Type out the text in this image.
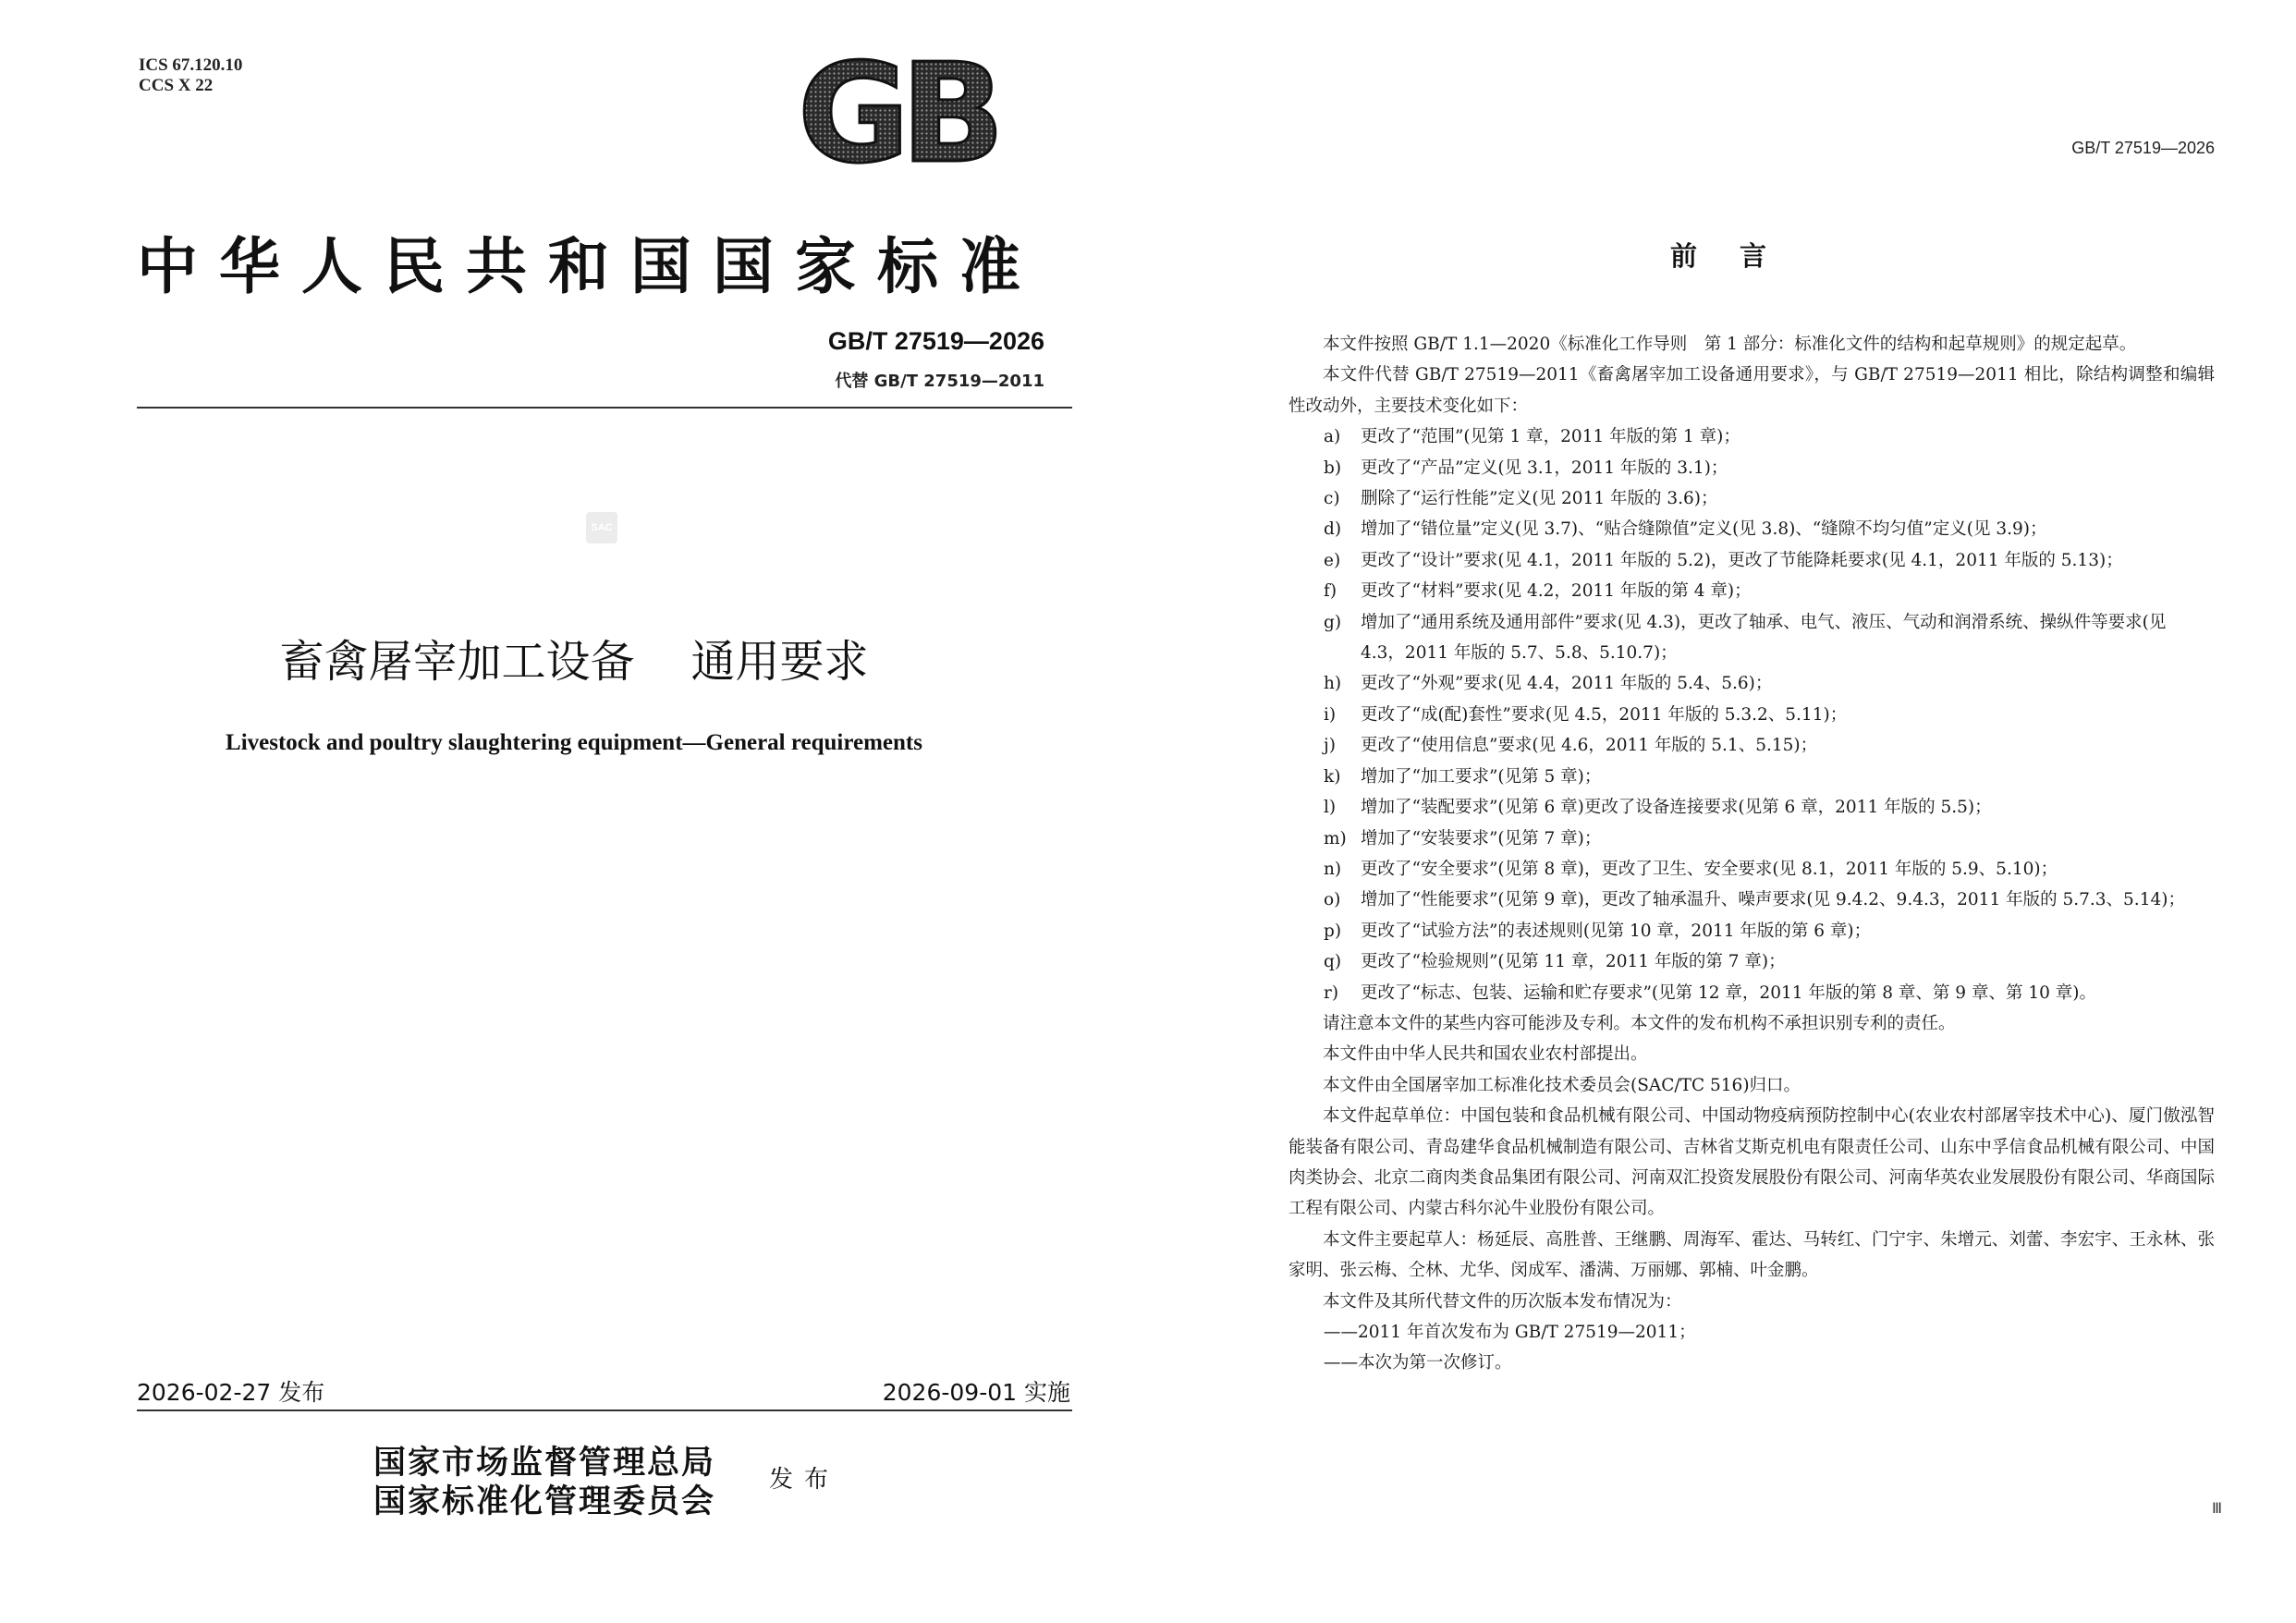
ICS 67.120.10
CCS X 22	GB
中华人民共和国国家标准
GB/T 27519—2026
代替 GB/T 27519—2011
SAC
畜禽屠宰加工设备    通用要求
Livestock and poultry slaughtering equipment—General requirements
2026-02-27 发布	2026-09-01 实施
国家市场监督管理总局
国家标准化管理委员会
发布
GB/T 27519—2026
前言

本文件按照 GB/T 1.1—2020《标准化工作导则　第 1 部分：标准化文件的结构和起草规则》的规定起草。

本文件代替 GB/T 27519—2011《畜禽屠宰加工设备通用要求》，与 GB/T 27519—2011 相比，除结构调整和编辑性改动外，主要技术变化如下：

a)	更改了“范围”(见第 1 章，2011 年版的第 1 章)；
b)	更改了“产品”定义(见 3.1，2011 年版的 3.1)；
c)	删除了“运行性能”定义(见 2011 年版的 3.6)；
d)	增加了“错位量”定义(见 3.7)、“贴合缝隙值”定义(见 3.8)、“缝隙不均匀值”定义(见 3.9)；
e)	更改了“设计”要求(见 4.1，2011 年版的 5.2)，更改了节能降耗要求(见 4.1，2011 年版的 5.13)；
f)	更改了“材料”要求(见 4.2，2011 年版的第 4 章)；
g)	增加了“通用系统及通用部件”要求(见 4.3)，更改了轴承、电气、液压、气动和润滑系统、操纵件等要求(见 4.3，2011 年版的 5.7、5.8、5.10.7)；
h)	更改了“外观”要求(见 4.4，2011 年版的 5.4、5.6)；
i)	更改了“成(配)套性”要求(见 4.5，2011 年版的 5.3.2、5.11)；
j)	更改了“使用信息”要求(见 4.6，2011 年版的 5.1、5.15)；
k)	增加了“加工要求”(见第 5 章)；
l)	增加了“装配要求”(见第 6 章)更改了设备连接要求(见第 6 章，2011 年版的 5.5)；
m) 增加了“安装要求”(见第 7 章)；
n)	更改了“安全要求”(见第 8 章)，更改了卫生、安全要求(见 8.1，2011 年版的 5.9、5.10)；
o)	增加了“性能要求”(见第 9 章)，更改了轴承温升、噪声要求(见 9.4.2、9.4.3，2011 年版的 5.7.3、5.14)；
p)	更改了“试验方法”的表述规则(见第 10 章，2011 年版的第 6 章)；
q)	更改了“检验规则”(见第 11 章，2011 年版的第 7 章)；
r)	更改了“标志、包装、运输和贮存要求”(见第 12 章，2011 年版的第 8 章、第 9 章、第 10 章)。

请注意本文件的某些内容可能涉及专利。本文件的发布机构不承担识别专利的责任。

本文件由中华人民共和国农业农村部提出。

本文件由全国屠宰加工标准化技术委员会(SAC/TC 516)归口。

本文件起草单位：中国包装和食品机械有限公司、中国动物疫病预防控制中心(农业农村部屠宰技术中心)、厦门傲泓智能装备有限公司、青岛建华食品机械制造有限公司、吉林省艾斯克机电有限责任公司、山东中孚信食品机械有限公司、中国肉类协会、北京二商肉类食品集团有限公司、河南双汇投资发展股份有限公司、河南华英农业发展股份有限公司、华商国际工程有限公司、内蒙古科尔沁牛业股份有限公司。

本文件主要起草人：杨延辰、高胜普、王继鹏、周海军、霍达、马转红、门宁宇、朱增元、刘蕾、李宏宇、王永林、张家明、张云梅、仝林、尤华、闵成军、潘满、万丽娜、郭楠、叶金鹏。

本文件及其所代替文件的历次版本发布情况为：

——2011 年首次发布为 GB/T 27519—2011；
——本次为第一次修订。
Ⅲ
